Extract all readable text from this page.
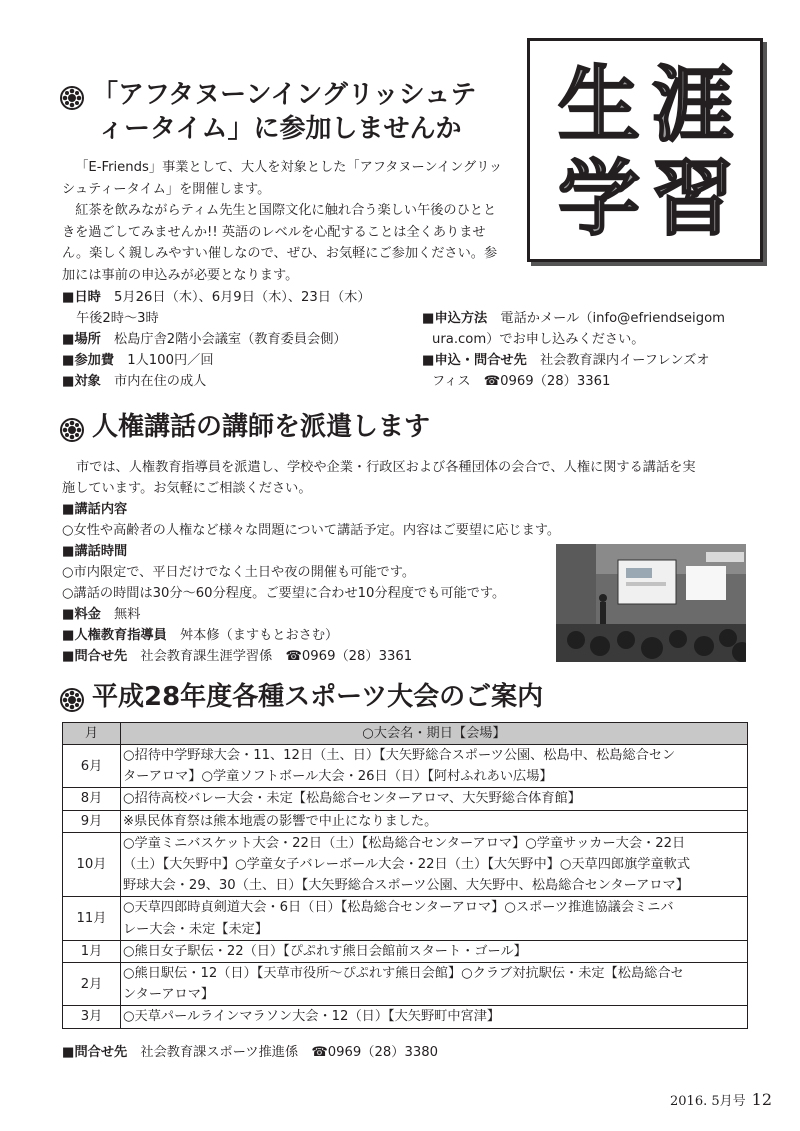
生 涯
学 習
「アフタヌーンイングリッシュテ
ィータイム」に参加しませんか

「E-Friends」事業として、大人を対象とした「アフタヌーンイングリッシュティータイム」を開催します。

紅茶を飲みながらティム先生と国際文化に触れ合う楽しい午後のひとときを過ごしてみませんか!! 英語のレベルを心配することは全くありません。楽しく親しみやすい催しなので、ぜひ、お気軽にご参加ください。参加には事前の申込みが必要となります。

■日時　 5月26日（木）、6月9日（木）、23日（木）
午後2時～3時
■場所　 松島庁舎2階小会議室（教育委員会側）
■参加費　 1人100円／回
■対象　 市内在住の成人
■申込方法　 電話かメール（info@efriendseigom
ura.com）でお申し込みください。
■申込・問合せ先　 社会教育課内イーフレンズオ
フィス　☎0969（28）3361
人権講話の講師を派遣します
市では、人権教育指導員を派遣し、学校や企業・行政区および各種団体の会合で、人権に関する講話を実
施しています。お気軽にご相談ください。
■講話内容
○女性や高齢者の人権など様々な問題について講話予定。内容はご要望に応じます。
■講話時間
○市内限定で、平日だけでなく土日や夜の開催も可能です。
○講話の時間は30分～60分程度。ご要望に合わせ10分程度でも可能です。
■料金　 無料
■人権教育指導員　 舛本修（ますもとおさむ）
■問合せ先　 社会教育課生涯学習係　☎0969（28）3361
平成28年度各種スポーツ大会のご案内
月	○大会名・期日【会場】
6月	○招待中学野球大会・11、12日（土、日）【大矢野総合スポーツ公園、松島中、松島総合セン
ターアロマ】○学童ソフトボール大会・26日（日）【阿村ふれあい広場】

8月	○招待高校バレー大会・未定【松島総合センターアロマ、大矢野総合体育館】

9月	※県民体育祭は熊本地震の影響で中止になりました。

10月	○学童ミニバスケット大会・22日（土）【松島総合センターアロマ】○学童サッカー大会・22日
（土）【大矢野中】○学童女子バレーボール大会・22日（土）【大矢野中】○天草四郎旗学童軟式
野球大会・29、30（土、日）【大矢野総合スポーツ公園、大矢野中、松島総合センターアロマ】

11月	○天草四郎時貞剣道大会・6日（日）【松島総合センターアロマ】○スポーツ推進協議会ミニバ
レー大会・未定【未定】

1月	○熊日女子駅伝・22（日）【ぴぷれす熊日会館前スタート・ゴール】

2月	○熊日駅伝・12（日）【天草市役所～ぴぷれす熊日会館】○クラブ対抗駅伝・未定【松島総合セ
ンターアロマ】

3月	○天草パールラインマラソン大会・12（日）【大矢野町中宮津】
■問合せ先　 社会教育課スポーツ推進係　☎0969（28）3380
2016. 5月号 12
